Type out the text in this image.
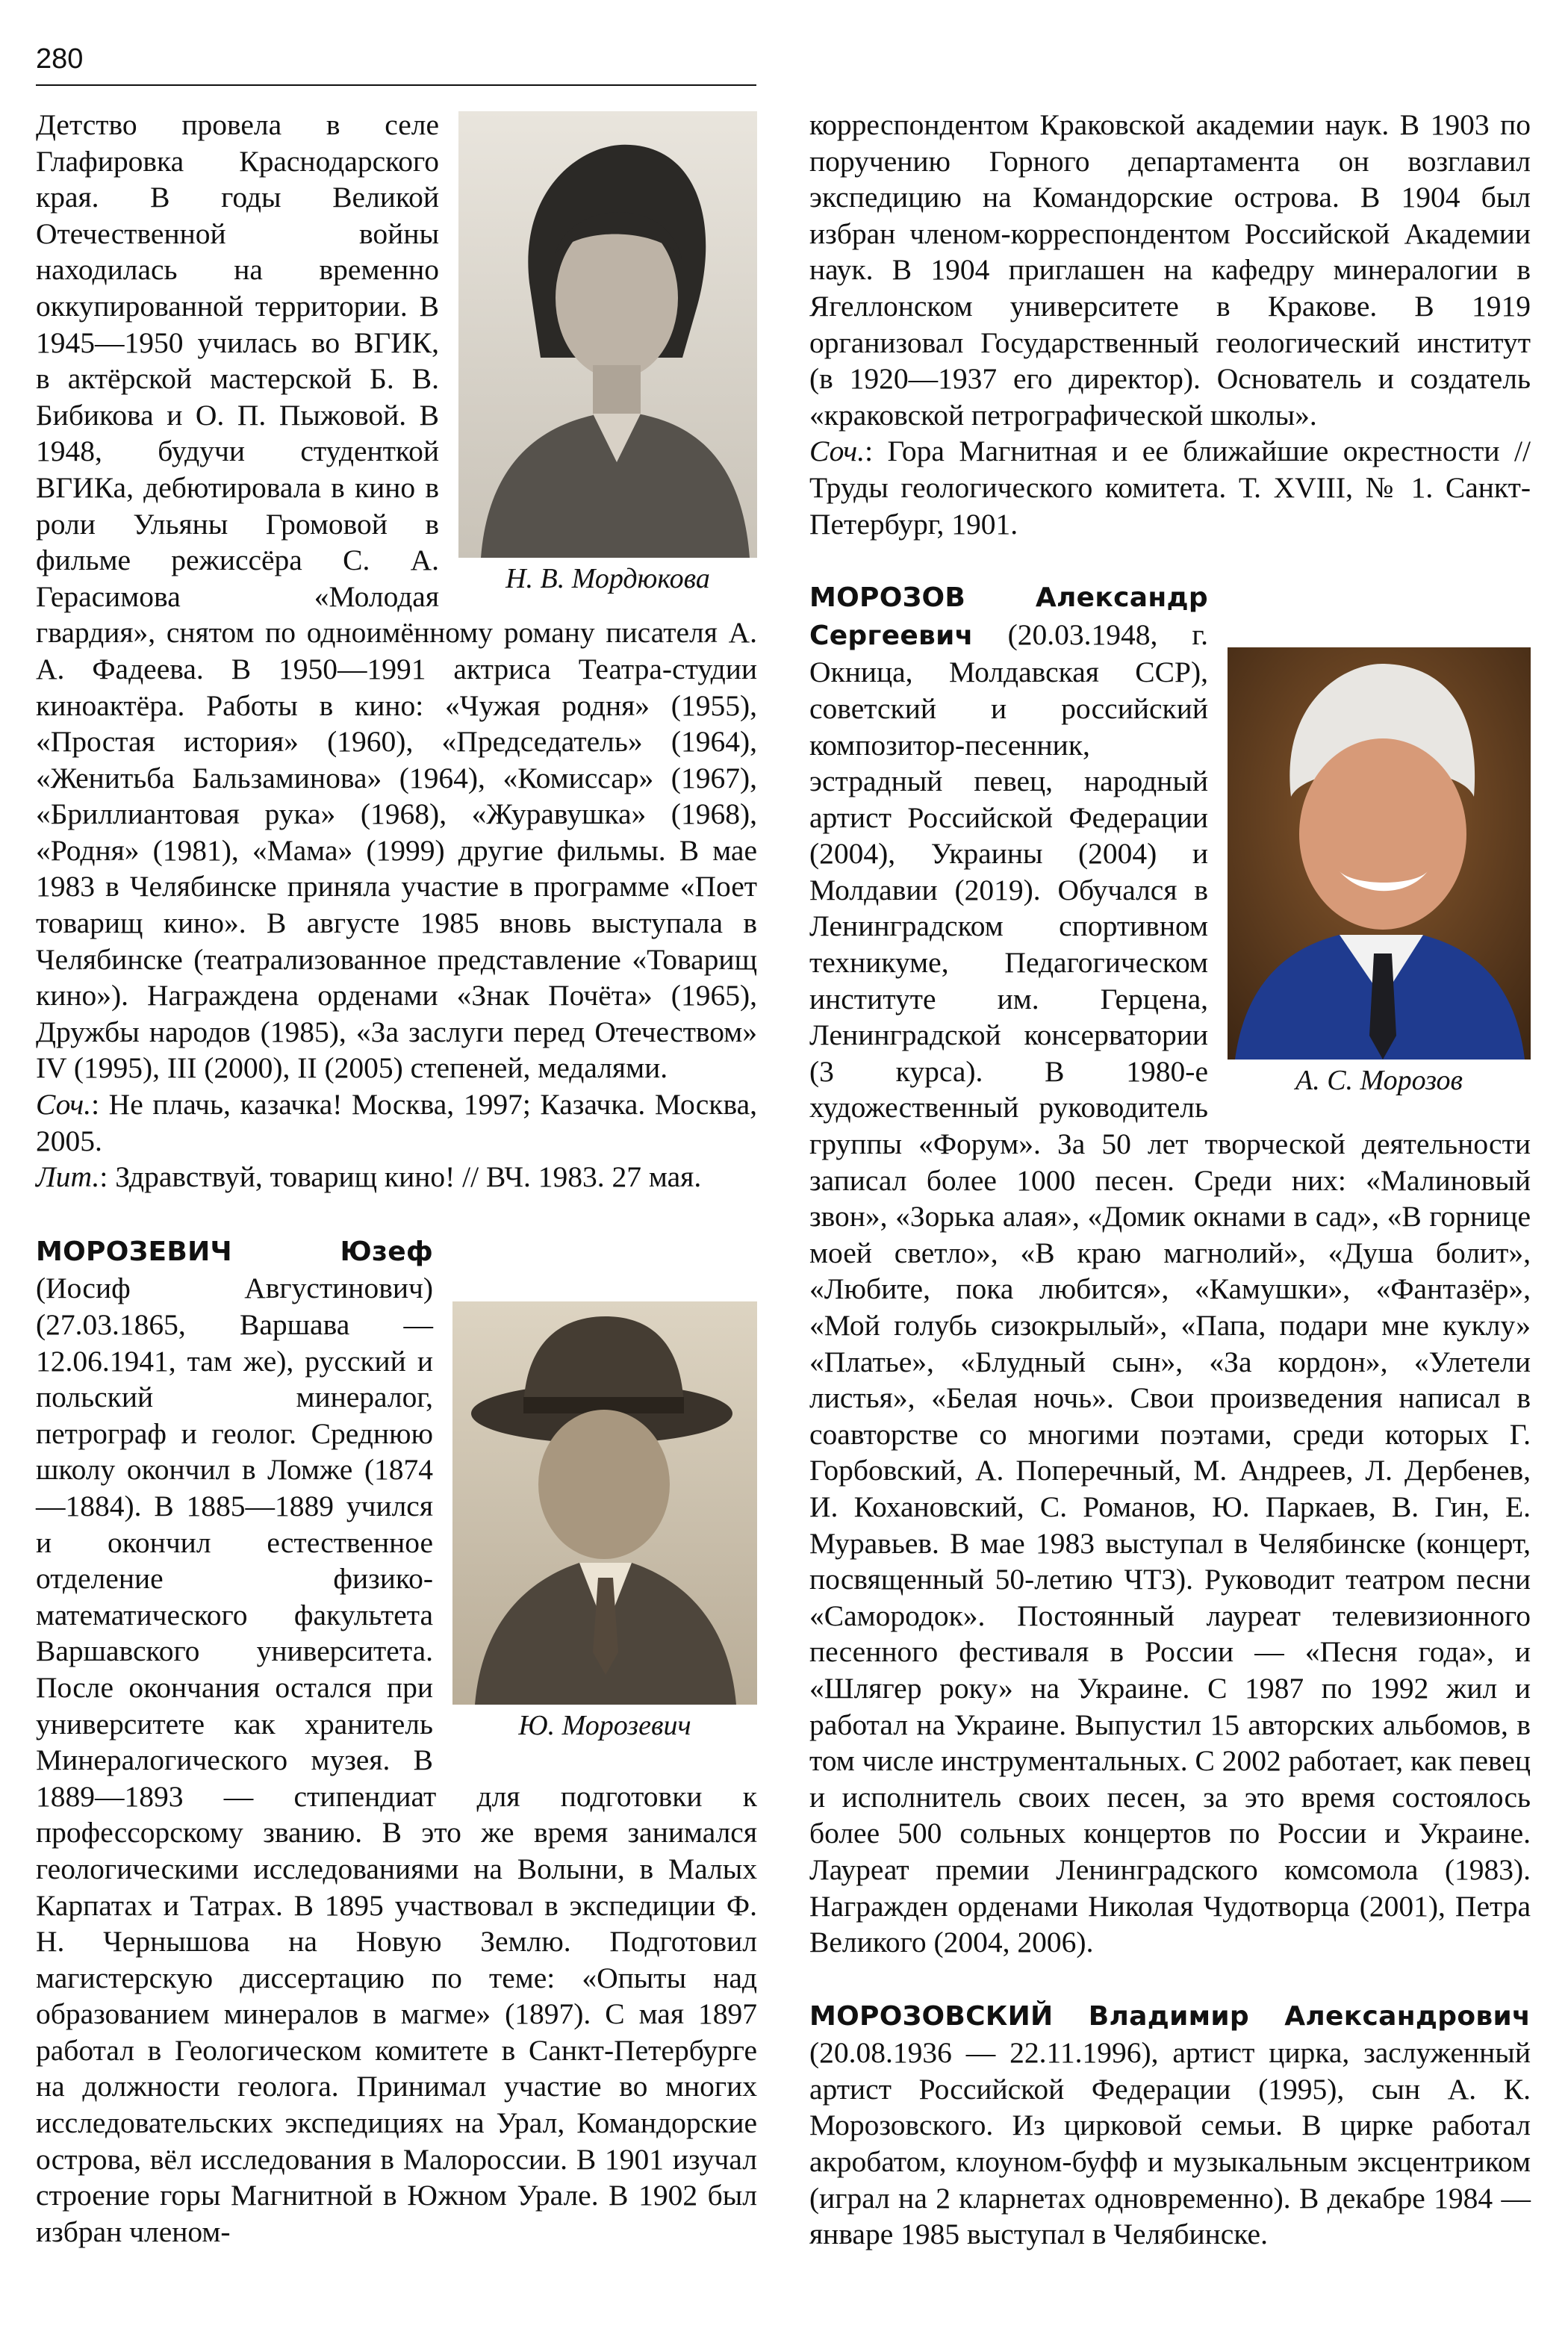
280
Н. В. Мордюкова

Детство провела в селе Глафировка Краснодарского края. В годы Великой Отечественной войны находилась на временно оккупированной территории. В 1945—1950 училась во ВГИК, в актёрской мастерской Б. В. Бибикова и О. П. Пыжовой. В 1948, будучи студенткой ВГИКа, дебютировала в кино в роли Ульяны Громовой в фильме режиссёра С. А. Герасимова «Молодая гвардия», снятом по одноимённому роману писателя А. А. Фадеева. В 1950—1991 актриса Театра-студии киноактёра. Работы в кино: «Чужая родня» (1955), «Простая история» (1960), «Председатель» (1964), «Женитьба Бальзаминова» (1964), «Комиссар» (1967), «Бриллиантовая рука» (1968), «Журавушка» (1968), «Родня» (1981), «Мама» (1999) другие фильмы. В мае 1983 в Челябинске приняла участие в программе «Поет товарищ кино». В августе 1985 вновь выступала в Челябинске (театрализованное представление «Товарищ кино»). Награждена орденами «Знак Почёта» (1965), Дружбы народов (1985), «За заслуги перед Отечеством» IV (1995), III (2000), II (2005) степеней, медалями.

Соч.: Не плачь, казачка! Москва, 1997; Казачка. Москва, 2005.

Лит.: Здравствуй, товарищ кино! // ВЧ. 1983. 27 мая.

Ю. Морозевич
МОРОЗЕВИЧ Юзеф (Иосиф Августинович) (27.03.1865, Варшава — 12.06.1941, там же), русский и польский минералог, петрограф и геолог. Среднюю школу окончил в Ломже (1874—1884). В 1885—1889 учился и окончил естественное отделение физико-математического факультета Варшавского университета. После окончания остался при университете как хранитель Минералогического музея. В 1889—1893 — стипендиат для подготовки к профессорскому званию. В это же время занимался геологическими исследованиями на Волыни, в Малых Карпатах и Татрах. В 1895 участвовал в экспедиции Ф. Н. Чернышова на Новую Землю. Подготовил магистерскую диссертацию по теме: «Опыты над образованием минералов в магме» (1897). С мая 1897 работал в Геологическом комитете в Санкт-Петербурге на должности геолога. Принимал участие во многих исследовательских экспедициях на Урал, Командорские острова, вёл исследования в Малороссии. В 1901 изучал строение горы Магнитной в Южном Урале. В 1902 был избран членом-

корреспондентом Краковской академии наук. В 1903 по поручению Горного департамента он возглавил экспедицию на Командорские острова. В 1904 был избран членом-корреспондентом Российской Академии наук. В 1904 приглашен на кафедру минералогии в Ягеллонском университете в Кракове. В 1919 организовал Государственный геологический институт (в 1920—1937 его директор). Основатель и создатель «краковской петрографической школы».

Соч.: Гора Магнитная и ее ближайшие окрестности // Труды геологического комитета. Т. XVIII, № 1. Санкт-Петербург, 1901.

А. С. Морозов
МОРОЗОВ Александр Сергеевич (20.03.1948, г. Окница, Молдавская ССР), советский и российский композитор-песенник, эстрадный певец, народный артист Российской Федерации (2004), Украины (2004) и Молдавии (2019). Обучался в Ленинградском спортивном техникуме, Педагогическом институте им. Герцена, Ленинградской консерватории (3 курса). В 1980-е художественный руководитель группы «Форум». За 50 лет творческой деятельности записал более 1000 песен. Среди них: «Малиновый звон», «Зорька алая», «Домик окнами в сад», «В горнице моей светло», «В краю магнолий», «Душа болит», «Любите, пока любится», «Камушки», «Фантазёр», «Мой голубь сизокрылый», «Папа, подари мне куклу» «Платье», «Блудный сын», «За кордон», «Улетели листья», «Белая ночь». Свои произведения написал в соавторстве со многими поэтами, среди которых Г. Горбовский, А. Поперечный, М. Андреев, Л. Дербенев, И. Кохановский, С. Романов, Ю. Паркаев, В. Гин, Е. Муравьев. В мае 1983 выступал в Челябинске (концерт, посвященный 50-летию ЧТЗ). Руководит театром песни «Самородок». Постоянный лауреат телевизионного песенного фестиваля в России — «Песня года», и «Шлягер року» на Украине. С 1987 по 1992 жил и работал на Украине. Выпустил 15 авторских альбомов, в том числе инструментальных. С 2002 работает, как певец и исполнитель своих песен, за это время состоялось более 500 сольных концертов по России и Украине. Лауреат премии Ленинградского комсомола (1983). Награжден орденами Николая Чудотворца (2001), Петра Великого (2004, 2006).

МОРОЗОВСКИЙ Владимир Александрович (20.08.1936 — 22.11.1996), артист цирка, заслуженный артист Российской Федерации (1995), сын А. К. Морозовского. Из цирковой семьи. В цирке работал акробатом, клоуном-буфф и музыкальным эксцентриком (играл на 2 кларнетах одновременно). В декабре 1984 — январе 1985 выступал в Челябинске.
